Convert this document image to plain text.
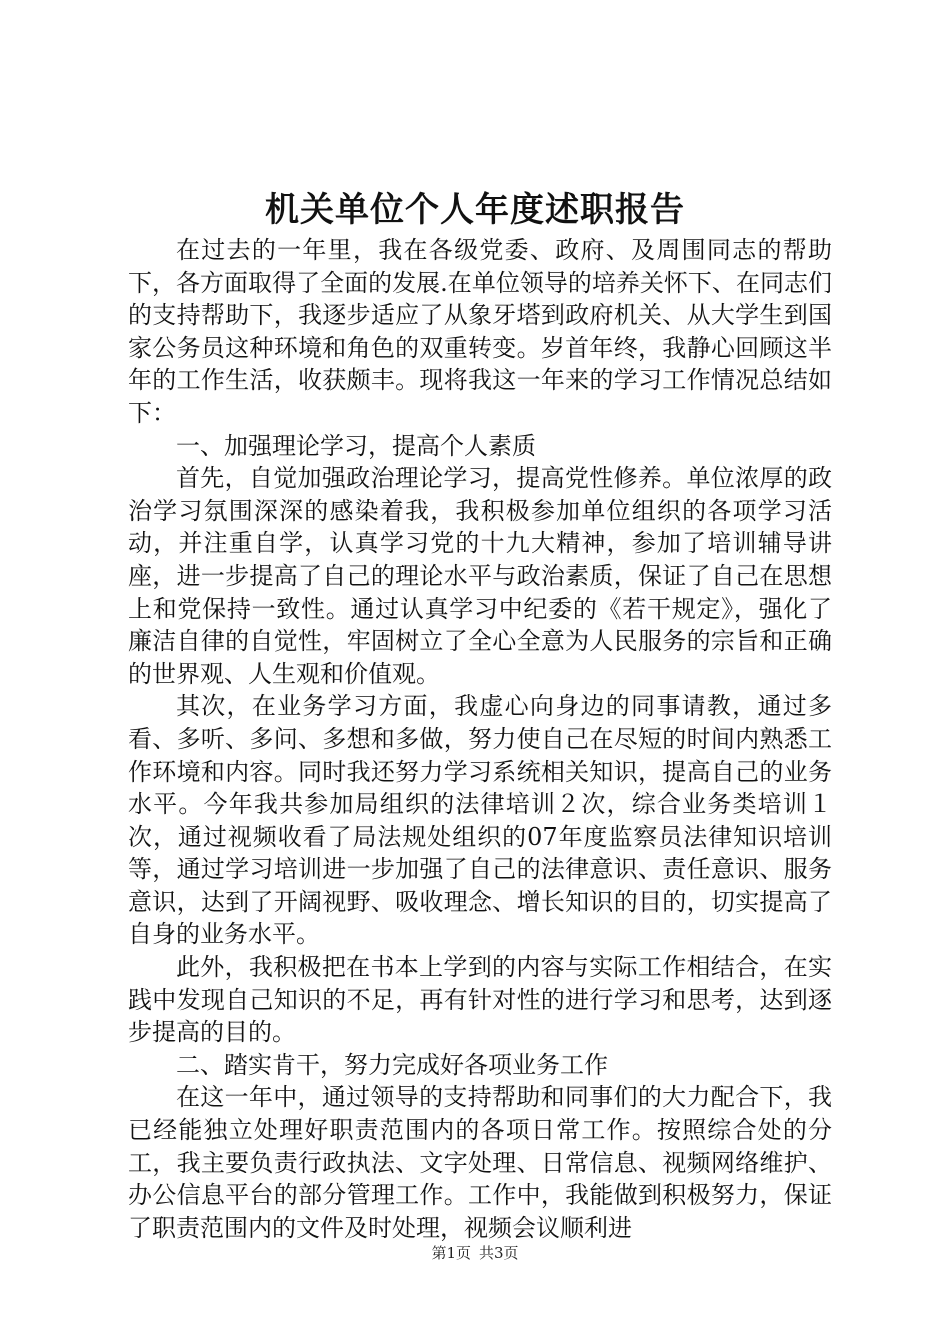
机关单位个人年度述职报告

在过去的一年里，我在各级党委、政府、及周围同志的帮助下，各方面取得了全面的发展.在单位领导的培养关怀下、在同志们的支持帮助下，我逐步适应了从象牙塔到政府机关、从大学生到国家公务员这种环境和角色的双重转变。岁首年终，我静心回顾这半年的工作生活，收获颇丰。现将我这一年来的学习工作情况总结如下：

一、加强理论学习，提高个人素质

首先，自觉加强政治理论学习，提高党性修养。单位浓厚的政治学习氛围深深的感染着我，我积极参加单位组织的各项学习活动，并注重自学，认真学习党的十九大精神，参加了培训辅导讲座，进一步提高了自己的理论水平与政治素质，保证了自己在思想上和党保持一致性。通过认真学习中纪委的《若干规定》，强化了廉洁自律的自觉性，牢固树立了全心全意为人民服务的宗旨和正确的世界观、人生观和价值观。

其次，在业务学习方面，我虚心向身边的同事请教，通过多看、多听、多问、多想和多做，努力使自己在尽短的时间内熟悉工作环境和内容。同时我还努力学习系统相关知识，提高自己的业务水平。今年我共参加局组织的法律培训２次，综合业务类培训１次，通过视频收看了局法规处组织的07年度监察员法律知识培训等，通过学习培训进一步加强了自己的法律意识、责任意识、服务意识，达到了开阔视野、吸收理念、增长知识的目的，切实提高了自身的业务水平。

此外，我积极把在书本上学到的内容与实际工作相结合，在实践中发现自己知识的不足，再有针对性的进行学习和思考，达到逐步提高的目的。

二、踏实肯干，努力完成好各项业务工作

在这一年中，通过领导的支持帮助和同事们的大力配合下，我已经能独立处理好职责范围内的各项日常工作。按照综合处的分工，我主要负责行政执法、文字处理、日常信息、视频网络维护、办公信息平台的部分管理工作。工作中，我能做到积极努力，保证了职责范围内的文件及时处理，视频会议顺利进

第1页 共3页
